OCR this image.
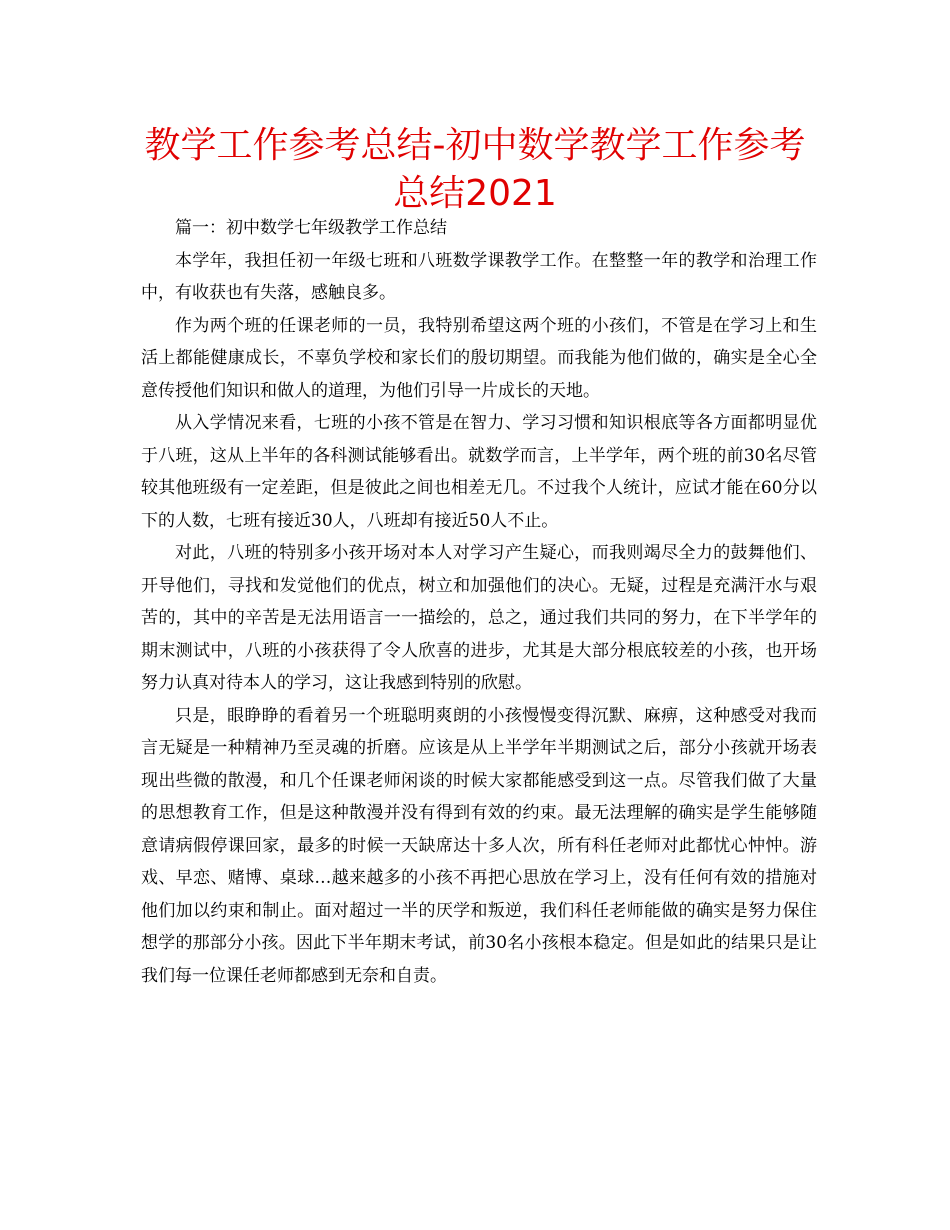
教学工作参考总结-初中数学教学工作参考总结2021

篇一：初中数学七年级教学工作总结

本学年，我担任初一年级七班和八班数学课教学工作。在整整一年的教学和治理工作中，有收获也有失落，感触良多。

作为两个班的任课老师的一员，我特别希望这两个班的小孩们，不管是在学习上和生活上都能健康成长，不辜负学校和家长们的殷切期望。而我能为他们做的，确实是全心全意传授他们知识和做人的道理，为他们引导一片成长的天地。

从入学情况来看，七班的小孩不管是在智力、学习习惯和知识根底等各方面都明显优于八班，这从上半年的各科测试能够看出。就数学而言，上半学年，两个班的前30名尽管较其他班级有一定差距，但是彼此之间也相差无几。不过我个人统计，应试才能在60分以下的人数，七班有接近30人，八班却有接近50人不止。

对此，八班的特别多小孩开场对本人对学习产生疑心，而我则竭尽全力的鼓舞他们、开导他们，寻找和发觉他们的优点，树立和加强他们的决心。无疑，过程是充满汗水与艰苦的，其中的辛苦是无法用语言一一描绘的，总之，通过我们共同的努力，在下半学年的期末测试中，八班的小孩获得了令人欣喜的进步，尤其是大部分根底较差的小孩，也开场努力认真对待本人的学习，这让我感到特别的欣慰。

只是，眼睁睁的看着另一个班聪明爽朗的小孩慢慢变得沉默、麻痹，这种感受对我而言无疑是一种精神乃至灵魂的折磨。应该是从上半学年半期测试之后，部分小孩就开场表现出些微的散漫，和几个任课老师闲谈的时候大家都能感受到这一点。尽管我们做了大量的思想教育工作，但是这种散漫并没有得到有效的约束。最无法理解的确实是学生能够随意请病假停课回家，最多的时候一天缺席达十多人次，所有科任老师对此都忧心忡忡。游戏、早恋、赌博、桌球…越来越多的小孩不再把心思放在学习上，没有任何有效的措施对他们加以约束和制止。面对超过一半的厌学和叛逆，我们科任老师能做的确实是努力保住想学的那部分小孩。因此下半年期末考试，前30名小孩根本稳定。但是如此的结果只是让我们每一位课任老师都感到无奈和自责。
